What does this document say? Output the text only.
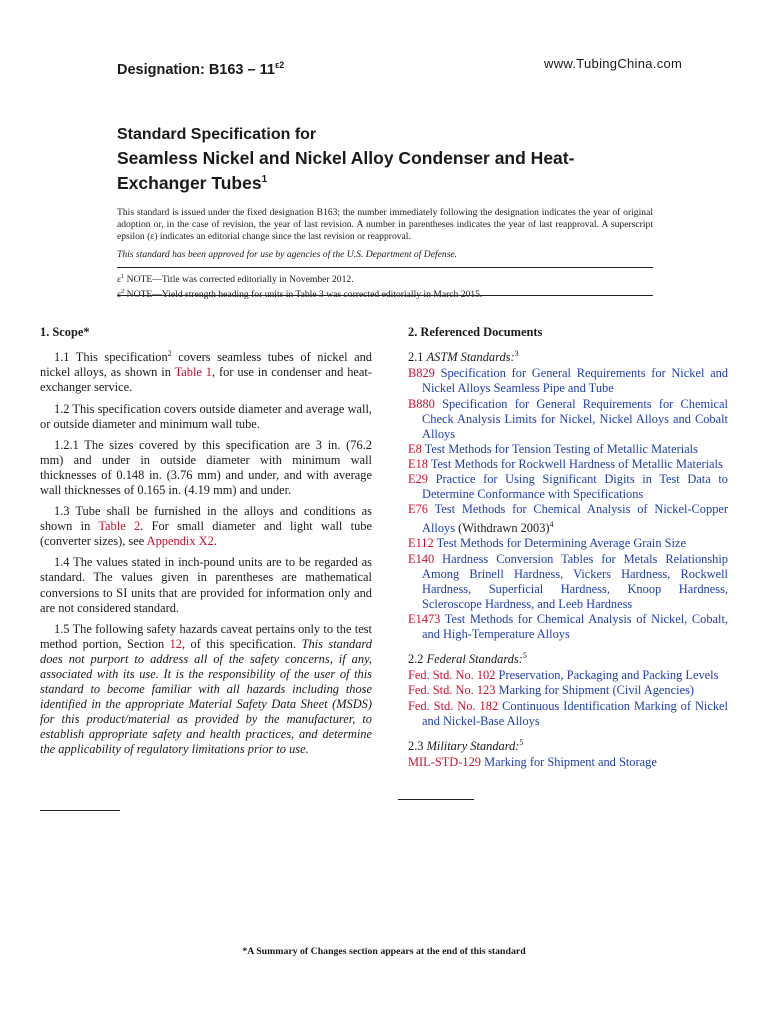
Designation: $B163 - 11^{\varepsilon 2}$	www.TubingChina.com
Standard Specification for
Seamless Nickel and Nickel Alloy Condenser and Heat-Exchanger Tubes$^1$
This standard is issued under the fixed designation B163; the number immediately following the designation indicates the year of original adoption or, in the case of revision, the year of last revision. A number in parentheses indicates the year of last reapproval. A superscript epsilon (ε) indicates an editorial change since the last revision or reapproval.
This standard has been approved for use by agencies of the U.S. Department of Defense.
$\varepsilon^1$ NOTE—Title was corrected editorially in November 2012.
$\varepsilon^2$ NOTE—Yield strength heading for units in Table 3 was corrected editorially in March 2015.
1. Scope*

1.1 This specification$^2$ covers seamless tubes of nickel and nickel alloys, as shown in Table 1, for use in condenser and heat-exchanger service.

1.2 This specification covers outside diameter and average wall, or outside diameter and minimum wall tube.

1.2.1 The sizes covered by this specification are 3 in. (76.2 mm) and under in outside diameter with minimum wall thicknesses of 0.148 in. (3.76 mm) and under, and with average wall thicknesses of 0.165 in. (4.19 mm) and under.

1.3 Tube shall be furnished in the alloys and conditions as shown in Table 2. For small diameter and light wall tube (converter sizes), see Appendix X2.

1.4 The values stated in inch-pound units are to be regarded as standard. The values given in parentheses are mathematical conversions to SI units that are provided for information only and are not considered standard.

1.5 The following safety hazards caveat pertains only to the test method portion, Section 12, of this specification. This standard does not purport to address all of the safety concerns, if any, associated with its use. It is the responsibility of the user of this standard to become familiar with all hazards including those identified in the appropriate Material Safety Data Sheet (MSDS) for this product/material as provided by the manufacturer, to establish appropriate safety and health practices, and determine the applicability of regulatory limitations prior to use.

2. Referenced Documents
2.1 ASTM Standards:$^3$
B829 Specification for General Requirements for Nickel and Nickel Alloys Seamless Pipe and Tube
B880 Specification for General Requirements for Chemical Check Analysis Limits for Nickel, Nickel Alloys and Cobalt Alloys
E8 Test Methods for Tension Testing of Metallic Materials
E18 Test Methods for Rockwell Hardness of Metallic Materials
E29 Practice for Using Significant Digits in Test Data to Determine Conformance with Specifications
E76 Test Methods for Chemical Analysis of Nickel-Copper Alloys (Withdrawn 2003)$^4$
E112 Test Methods for Determining Average Grain Size
E140 Hardness Conversion Tables for Metals Relationship Among Brinell Hardness, Vickers Hardness, Rockwell Hardness, Superficial Hardness, Knoop Hardness, Scleroscope Hardness, and Leeb Hardness
E1473 Test Methods for Chemical Analysis of Nickel, Cobalt, and High-Temperature Alloys
2.2 Federal Standards:$^5$
Fed. Std. No. 102 Preservation, Packaging and Packing Levels
Fed. Std. No. 123 Marking for Shipment (Civil Agencies)
Fed. Std. No. 182 Continuous Identification Marking of Nickel and Nickel-Base Alloys
2.3 Military Standard:$^5$
MIL-STD-129 Marking for Shipment and Storage
*A Summary of Changes section appears at the end of this standard
